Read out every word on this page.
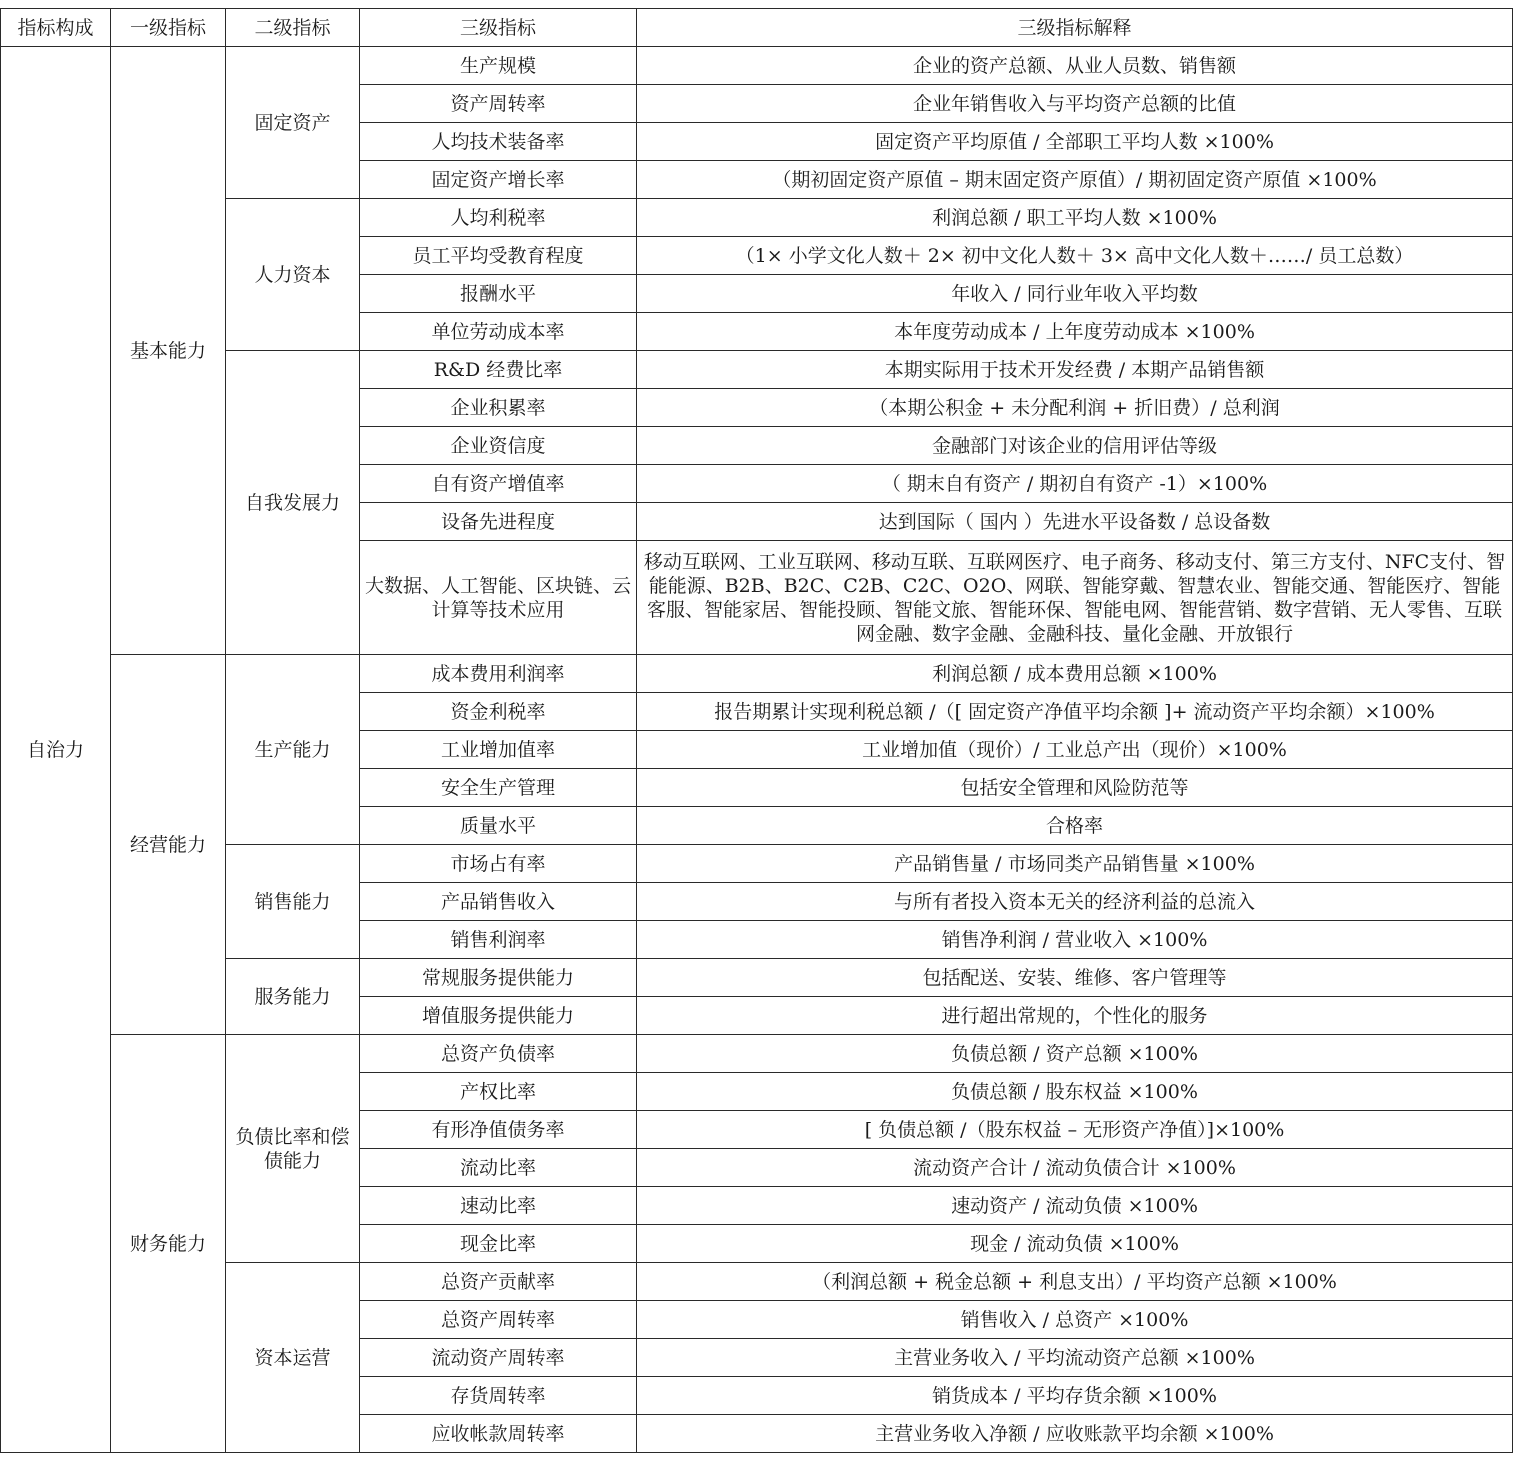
指标构成	一级指标	二级指标	三级指标	三级指标解释
自治力	基本能力	固定资产	生产规模	企业的资产总额、从业人员数、销售额
			资产周转率	企业年销售收入与平均资产总额的比值
			人均技术装备率	固定资产平均原值 / 全部职工平均人数 ×100%
			固定资产增长率	（期初固定资产原值 – 期末固定资产原值）/ 期初固定资产原值 ×100%
		人力资本	人均利税率	利润总额 / 职工平均人数 ×100%
			员工平均受教育程度	（1× 小学文化人数＋ 2× 初中文化人数＋ 3× 高中文化人数＋……/ 员工总数）
			报酬水平	年收入 / 同行业年收入平均数
			单位劳动成本率	本年度劳动成本 / 上年度劳动成本 ×100%
		自我发展力	R&D 经费比率	本期实际用于技术开发经费 / 本期产品销售额
			企业积累率	（本期公积金 + 未分配利润 + 折旧费）/ 总利润
			企业资信度	金融部门对该企业的信用评估等级
			自有资产增值率	（ 期末自有资产 / 期初自有资产 -1）×100%
			设备先进程度	达到国际（ 国内 ）先进水平设备数 / 总设备数
			大数据、人工智能、区块链、云计算等技术应用	移动互联网、工业互联网、移动互联、互联网医疗、电子商务、移动支付、第三方支付、NFC支付、智能能源、B2B、B2C、C2B、C2C、O2O、网联、智能穿戴、智慧农业、智能交通、智能医疗、智能 客服、智能家居、智能投顾、智能文旅、智能环保、智能电网、智能营销、数字营销、无人零售、互联网金融、数字金融、金融科技、量化金融、开放银行
	经营能力	生产能力	成本费用利润率	利润总额 / 成本费用总额 ×100%
			资金利税率	报告期累计实现利税总额 /（[ 固定资产净值平均余额 ]+ 流动资产平均余额）×100%
			工业增加值率	工业增加值（现价）/ 工业总产出（现价）×100%
			安全生产管理	包括安全管理和风险防范等
			质量水平	合格率
		销售能力	市场占有率	产品销售量 / 市场同类产品销售量 ×100%
			产品销售收入	与所有者投入资本无关的经济利益的总流入
			销售利润率	销售净利润 / 营业收入 ×100%
		服务能力	常规服务提供能力	包括配送、安装、维修、客户管理等
			增值服务提供能力	进行超出常规的，个性化的服务
	财务能力	负债比率和偿债能力	总资产负债率	负债总额 / 资产总额 ×100%
			产权比率	负债总额 / 股东权益 ×100%
			有形净值债务率	[ 负债总额 /（股东权益 – 无形资产净值）]×100%
			流动比率	流动资产合计 / 流动负债合计 ×100%
			速动比率	速动资产 / 流动负债 ×100%
			现金比率	现金 / 流动负债 ×100%
		资本运营	总资产贡献率	（利润总额 + 税金总额 + 利息支出）/ 平均资产总额 ×100%
			总资产周转率	销售收入 / 总资产 ×100%
			流动资产周转率	主营业务收入 / 平均流动资产总额 ×100%
			存货周转率	销货成本 / 平均存货余额 ×100%
			应收帐款周转率	主营业务收入净额 / 应收账款平均余额 ×100%
